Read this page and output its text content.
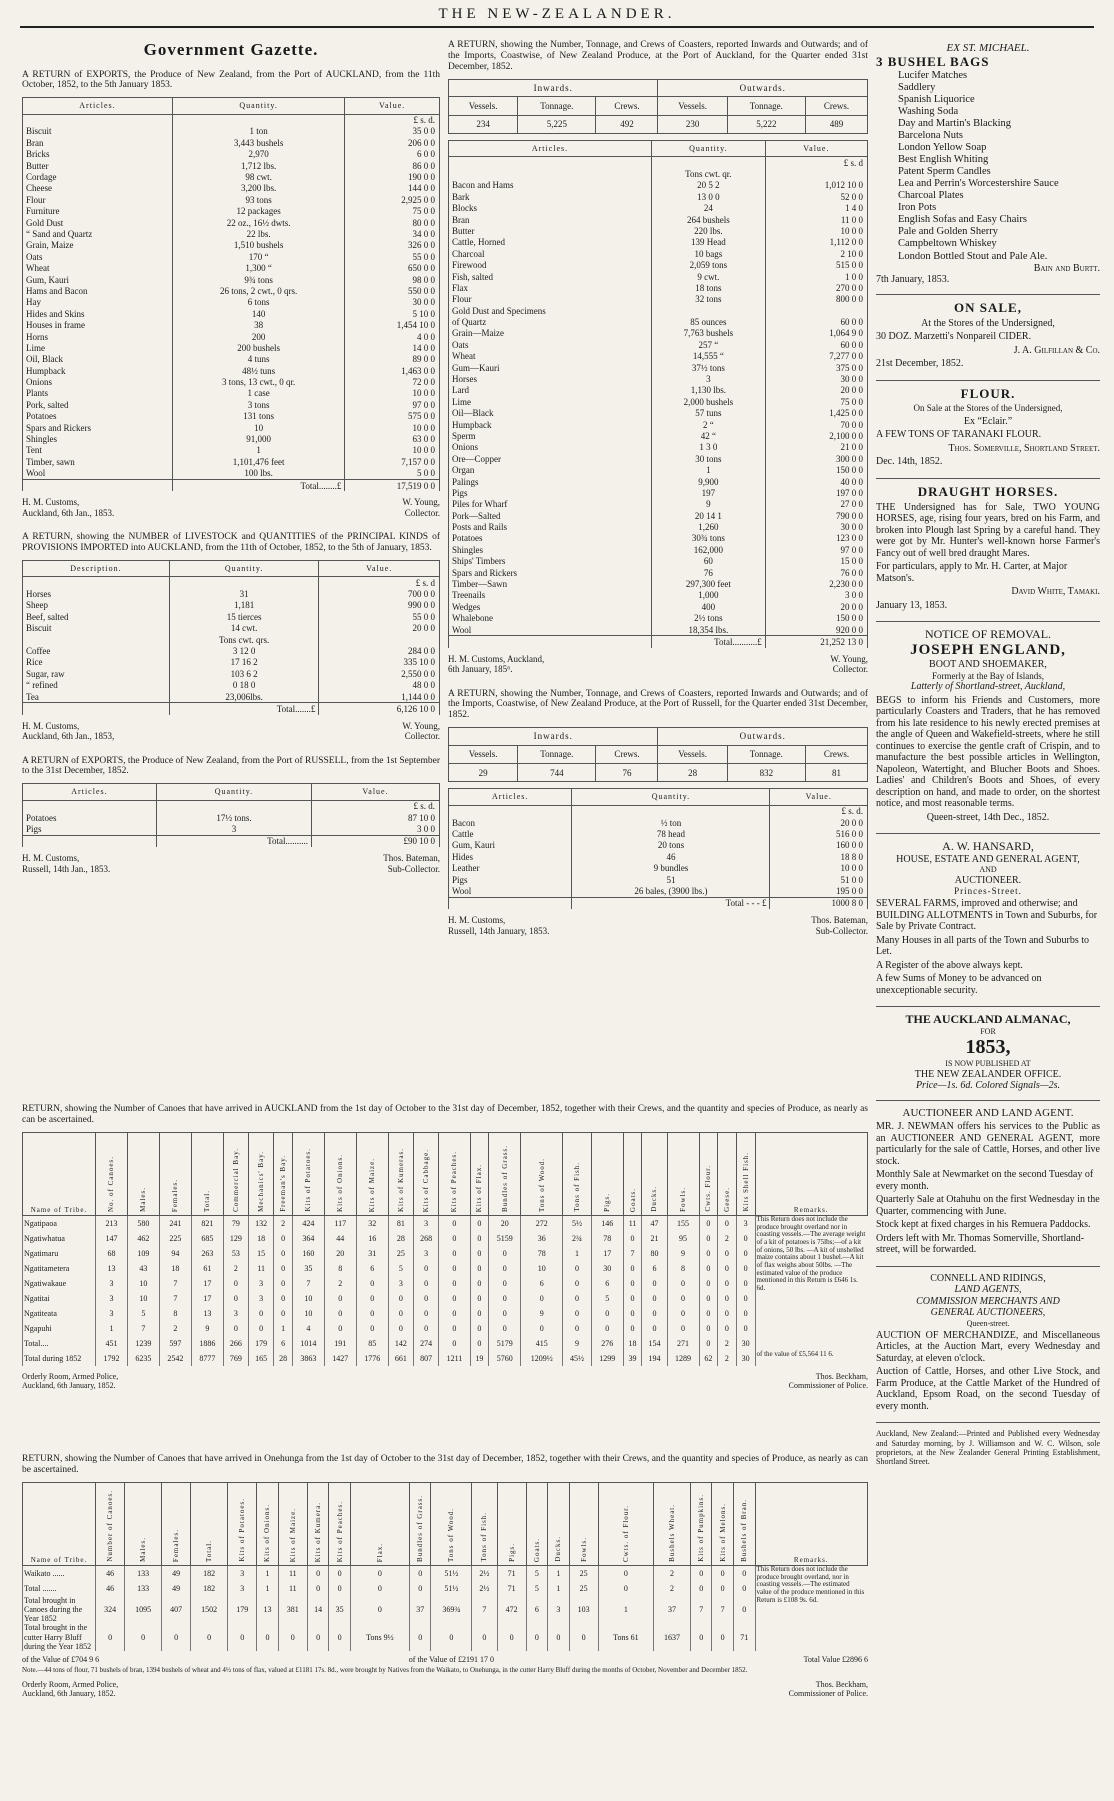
THE NEW-ZEALANDER.
Government Gazette.
A RETURN of EXPORTS, the Produce of New Zealand, from the Port of AUCKLAND, from the 11th October, 1852, to the 5th January 1853.
Articles.	Quantity.	Value.
		£ s. d.
Biscuit	1 ton	35 0 0
Bran	3,443 bushels	206 0 0
Bricks	2,970	6 0 0
Butter	1,712 lbs.	86 0 0
Cordage	98 cwt.	190 0 0
Cheese	3,200 lbs.	144 0 0
Flour	93 tons	2,925 0 0
Furniture	12 packages	75 0 0
Gold Dust	22 oz., 16½ dwts.	80 0 0
“ Sand and Quartz	22 lbs.	34 0 0
Grain, Maize	1,510 bushels	326 0 0
Oats	170 “	55 0 0
Wheat	1,300 “	650 0 0
Gum, Kauri	9¾ tons	98 0 0
Hams and Bacon	26 tons, 2 cwt., 0 qrs.	550 0 0
Hay	6 tons	30 0 0
Hides and Skins	140	5 10 0
Houses in frame	38	1,454 10 0
Horns	200	4 0 0
Lime	200 bushels	14 0 0
Oil, Black	4 tuns	89 0 0
Humpback	48½ tuns	1,463 0 0
Onions	3 tons, 13 cwt., 0 qr.	72 0 0
Plants	1 case	10 0 0
Pork, salted	3 tons	97 0 0
Potatoes	131 tons	575 0 0
Spars and Rickers	10	10 0 0
Shingles	91,000	63 0 0
Tent	1	10 0 0
Timber, sawn	1,101,476 feet	7,157 0 0
Wool	100 lbs.	5 0 0
	Total........£	17,519 0 0
H. M. Customs,
Auckland, 6th Jan., 1853.
W. Young,
Collector.
A RETURN, showing the NUMBER of LIVESTOCK and QUANTITIES of the PRINCIPAL KINDS of PROVISIONS IMPORTED into AUCKLAND, from the 11th of October, 1852, to the 5th of January, 1853.
Description.	Quantity.	Value.
		£ s. d
Horses	31	700 0 0
Sheep	1,181	990 0 0
Beef, salted	15 tierces	55 0 0
Biscuit	14 cwt.	20 0 0
	Tons cwt. qrs.	
Coffee	3 12 0	284 0 0
Rice	17 16 2	335 10 0
Sugar, raw	103 6 2	2,550 0 0
“ refined	0 18 0	48 0 0
Tea	23,006lbs.	1,144 0 0
	Total.......£	6,126 10 0
H. M. Customs,
Auckland, 6th Jan., 1853,
W. Young,
Collector.
A RETURN of EXPORTS, the Produce of New Zealand, from the Port of RUSSELL, from the 1st September to the 31st December, 1852.
Articles.	Quantity.	Value.
		£ s. d.
Potatoes	17½ tons.	87 10 0
Pigs	3	3 0 0
	Total..........	£90 10 0
H. M. Customs,
Russell, 14th Jan., 1853.
Thos. Bateman,
Sub-Collector.
A RETURN, showing the Number, Tonnage, and Crews of Coasters, reported Inwards and Outwards; and of the Imports, Coastwise, of New Zealand Produce, at the Port of Auckland, for the Quarter ended 31st December, 1852.
Inwards.			Outwards.		
Vessels.	Tonnage.	Crews.	Vessels.	Tonnage.	Crews.
234	5,225	492	230	5,222	489
Articles.	Quantity.	Value.
		£ s. d
	Tons cwt. qr.	
Bacon and Hams	20 5 2	1,012 10 0
Bark	13 0 0	52 0 0
Blocks	24	1 4 0
Bran	264 bushels	11 0 0
Butter	220 lbs.	10 0 0
Cattle, Horned	139 Head	1,112 0 0
Charcoal	10 bags	2 10 0
Firewood	2,059 tons	515 0 0
Fish, salted	9 cwt.	1 0 0
Flax	18 tons	270 0 0
Flour	32 tons	800 0 0
Gold Dust and Specimens		
of Quartz	85 ounces	60 0 0
Grain—Maize	7,763 bushels	1,064 9 0
Oats	257 “	60 0 0
Wheat	14,555 “	7,277 0 0
Gum—Kauri	37½ tons	375 0 0
Horses	3	30 0 0
Lard	1,130 lbs.	20 0 0
Lime	2,000 bushels	75 0 0
Oil—Black	57 tuns	1,425 0 0
Humpback	2 “	70 0 0
Sperm	42 “	2,100 0 0
Onions	1 3 0	21 0 0
Ore—Copper	30 tons	300 0 0
Organ	1	150 0 0
Palings	9,900	40 0 0
Pigs	197	197 0 0
Piles for Wharf	9	27 0 0
Pork—Salted	20 14 1	790 0 0
Posts and Rails	1,260	30 0 0
Potatoes	30¾ tons	123 0 0
Shingles	162,000	97 0 0
Ships' Timbers	60	15 0 0
Spars and Rickers	76	76 0 0
Timber—Sawn	297,300 feet	2,230 0 0
Treenails	1,000	3 0 0
Wedges	400	20 0 0
Whalebone	2½ tons	150 0 0
Wool	18,354 lbs.	920 0 0
	Total...........£	21,252 13 0
H. M. Customs, Auckland,
6th January, 185⁶.
W. Young,
Collector.
A RETURN, showing the Number, Tonnage, and Crews of Coasters, reported Inwards and Outwards; and of the Imports, Coastwise, of New Zealand Produce, at the Port of Russell, for the Quarter ended 31st December, 1852.
Inwards.			Outwards.		
Vessels.	Tonnage.	Crews.	Vessels.	Tonnage.	Crews.
29	744	76	28	832	81
Articles.	Quantity.	Value.
		£ s. d.
Bacon	½ ton	20 0 0
Cattle	78 head	516 0 0
Gum, Kauri	20 tons	160 0 0
Hides	46	18 8 0
Leather	9 bundles	10 0 0
Pigs	51	51 0 0
Wool	26 bales, (3900 lbs.)	195 0 0
	Total - - - £	1000 8 0
H. M. Customs,
Russell, 14th January, 1853.
Thos. Bateman,
Sub-Collector.
RETURN, showing the Number of Canoes that have arrived in AUCKLAND from the 1st day of October to the 31st day of December, 1852, together with their Crews, and the quantity and species of Produce, as nearly as can be ascertained.
Name of Tribe.	No. of Canoes.	Males.	Females.	Total.	Commercial Bay.	Mechanics' Bay.	Freeman's Bay.	Kits of Potatoes.	Kits of Onions.	Kits of Maize.	Kits of Kumeras.	Kits of Cabbage.	Kits of Peaches.	Kits of Flax.	Bundles of Grass.	Tons of Wood.	Tons of Fish.	Pigs.	Goats.	Ducks.	Fowls.	Cwts. Flour.	Geese.	Kits Shell Fish.	Remarks.
Ngatipaoa	213	580	241	821	79	132	2	424	117	32	81	3	0	0	20	272	5½	146	11	47	155	0	0	3	This Return does not include the produce brought overland nor in coasting vessels.—The average weight of a kit of potatoes is 75lbs;—of a kit of onions, 50 lbs. —A kit of unshelled maize contains about 1 bushel.—A kit of flax weighs about 50lbs. —The estimated value of the produce mentioned in this Return is £646 1s. 6d.
Ngatiwhatua	147	462	225	685	129	18	0	364	44	16	28	268	0	0	5159	36	2¾	78	0	21	95	0	2	0	
Ngatimaru	68	109	94	263	53	15	0	160	20	31	25	3	0	0	0	78	1	17	7	80	9	0	0	0	
Ngatitametera	13	43	18	61	2	11	0	35	8	6	5	0	0	0	0	10	0	30	0	6	8	0	0	0	
Ngatiwakaue	3	10	7	17	0	3	0	7	2	0	3	0	0	0	0	6	0	6	0	0	0	0	0	0	
Ngatitai	3	10	7	17	0	3	0	10	0	0	0	0	0	0	0	0	0	5	0	0	0	0	0	0	
Ngatiteata	3	5	8	13	3	0	0	10	0	0	0	0	0	0	0	9	0	0	0	0	0	0	0	0	
Ngapuhi	1	7	2	9	0	0	1	4	0	0	0	0	0	0	0	0	0	0	0	0	0	0	0	0	
Total....	451	1239	597	1886	266	179	6	1014	191	85	142	274	0	0	5179	415	9	276	18	154	271	0	2	30	
Total during 1852	1792	6235	2542	8777	769	165	28	3863	1427	1776	661	807	1211	19	5760	1209½	45½	1299	39	194	1289	62	2	30	of the value of £5,564 11 6.
Orderly Room, Armed Police,
Auckland, 6th January, 1852.
Thos. Beckham,
Commissioner of Police.
RETURN, showing the Number of Canoes that have arrived in Onehunga from the 1st day of October to the 31st day of December, 1852, together with their Crews, and the quantity and species of Produce, as nearly as can be ascertained.
Name of Tribe.	Number of Canoes.	Males.	Females.	Total.	Kits of Potatoes.	Kits of Onions.	Kits of Maize.	Kits of Kumera.	Kits of Peaches.	Flax.	Bundles of Grass.	Tons of Wood.	Tons of Fish.	Pigs.	Goats.	Ducks.	Fowls.	Cwts. of Flour.	Bushels Wheat.	Kits of Pumpkins.	Kits of Melons.	Bushels of Bran.	Remarks.
Waikato ......	46	133	49	182	3	1	11	0	0	0	0	51½	2½	71	5	1	25	0	2	0	0	0	This Return does not include the produce brought overland, nor in coasting vessels.—The estimated value of the produce mentioned in this Return is £108 9s. 6d.
Total .......	46	133	49	182	3	1	11	0	0	0	0	51½	2½	71	5	1	25	0	2	0	0	0	
Total brought in Canoes during the Year 1852	324	1095	407	1502	179	13	381	14	35	0	37	369¾	7	472	6	3	103	1	37	7	7	0	
Total brought in the cutter Harry Bluff during the Year 1852	0	0	0	0	0	0	0	0	0	Tons 9½	0	0	0	0	0	0	0	Tons 61	1637	0	0	71	
of the Value of £704 9 6	of the Value of £2191 17 0	Total Value £2896 6
Note.—44 tons of flour, 71 bushels of bran, 1394 bushels of wheat and 4½ tons of flax, valued at £1181 17s. 8d., were brought by Natives from the Waikato, to Onehunga, in the cutter Harry Bluff during the months of October, November and December 1852.
Orderly Room, Armed Police,
Auckland, 6th January, 1852.
Thos. Beckham,
Commissioner of Police.
EX ST. MICHAEL.
3 BUSHEL BAGS
Lucifer Matches
Saddlery
Spanish Liquorice
Washing Soda
Day and Martin's Blacking
Barcelona Nuts
London Yellow Soap
Best English Whiting
Patent Sperm Candles
Lea and Perrin's Worcestershire Sauce
Charcoal Plates
Iron Pots
English Sofas and Easy Chairs
Pale and Golden Sherry
Campbeltown Whiskey
London Bottled Stout and Pale Ale.
Bain and Burtt.
7th January, 1853.
ON SALE,

At the Stores of the Undersigned,

30 DOZ. Marzetti's Nonpareil CIDER.

J. A. Gilfillan & Co.

21st December, 1852.

FLOUR.

On Sale at the Stores of the Undersigned,

Ex “Eclair.”

A FEW TONS OF TARANAKI FLOUR.

Thos. Somerville, Shortland Street.

Dec. 14th, 1852.

DRAUGHT HORSES.

THE Undersigned has for Sale, TWO YOUNG HORSES, age, rising four years, bred on his Farm, and broken into Plough last Spring by a careful hand. They were got by Mr. Hunter's well-known horse Farmer's Fancy out of well bred draught Mares.

For particulars, apply to Mr. H. Carter, at Major Matson's.

David White, Tamaki.

January 13, 1853.

NOTICE OF REMOVAL.
JOSEPH ENGLAND,
BOOT AND SHOEMAKER,
Formerly at the Bay of Islands,
Latterly of Shortland-street, Auckland,

BEGS to inform his Friends and Customers, more particularly Coasters and Traders, that he has removed from his late residence to his newly erected premises at the angle of Queen and Wakefield-streets, where he still continues to exercise the gentle craft of Crispin, and to manufacture the best possible articles in Wellington, Napoleon, Watertight, and Blucher Boots and Shoes. Ladies' and Children's Boots and Shoes, of every description on hand, and made to order, on the shortest notice, and most reasonable terms.

Queen-street, 14th Dec., 1852.

A. W. HANSARD,
HOUSE, ESTATE AND GENERAL AGENT,
AND
AUCTIONEER.
Princes-Street.

SEVERAL FARMS, improved and otherwise; and BUILDING ALLOTMENTS in Town and Suburbs, for Sale by Private Contract.

Many Houses in all parts of the Town and Suburbs to Let.

A Register of the above always kept.

A few Sums of Money to be advanced on unexceptionable security.

THE AUCKLAND ALMANAC,
FOR
1853,
IS NOW PUBLISHED AT
THE NEW ZEALANDER OFFICE.
Price—1s. 6d. Colored Signals—2s.
AUCTIONEER AND LAND AGENT.

MR. J. NEWMAN offers his services to the Public as an AUCTIONEER AND GENERAL AGENT, more particularly for the sale of Cattle, Horses, and other live stock.

Monthly Sale at Newmarket on the second Tuesday of every month.

Quarterly Sale at Otahuhu on the first Wednesday in the Quarter, commencing with June.

Stock kept at fixed charges in his Remuera Paddocks.

Orders left with Mr. Thomas Somerville, Shortland-street, will be forwarded.

CONNELL AND RIDINGS,
LAND AGENTS,
COMMISSION MERCHANTS AND
GENERAL AUCTIONEERS,
Queen-street.

AUCTION OF MERCHANDIZE, and Miscellaneous Articles, at the Auction Mart, every Wednesday and Saturday, at eleven o'clock.

Auction of Cattle, Horses, and other Live Stock, and Farm Produce, at the Cattle Market of the Hundred of Auckland, Epsom Road, on the second Tuesday of every month.

Auckland, New Zealand:—Printed and Published every Wednesday and Saturday morning, by J. Williamson and W. C. Wilson, sole proprietors, at the New Zealander General Printing Establishment, Shortland Street.
